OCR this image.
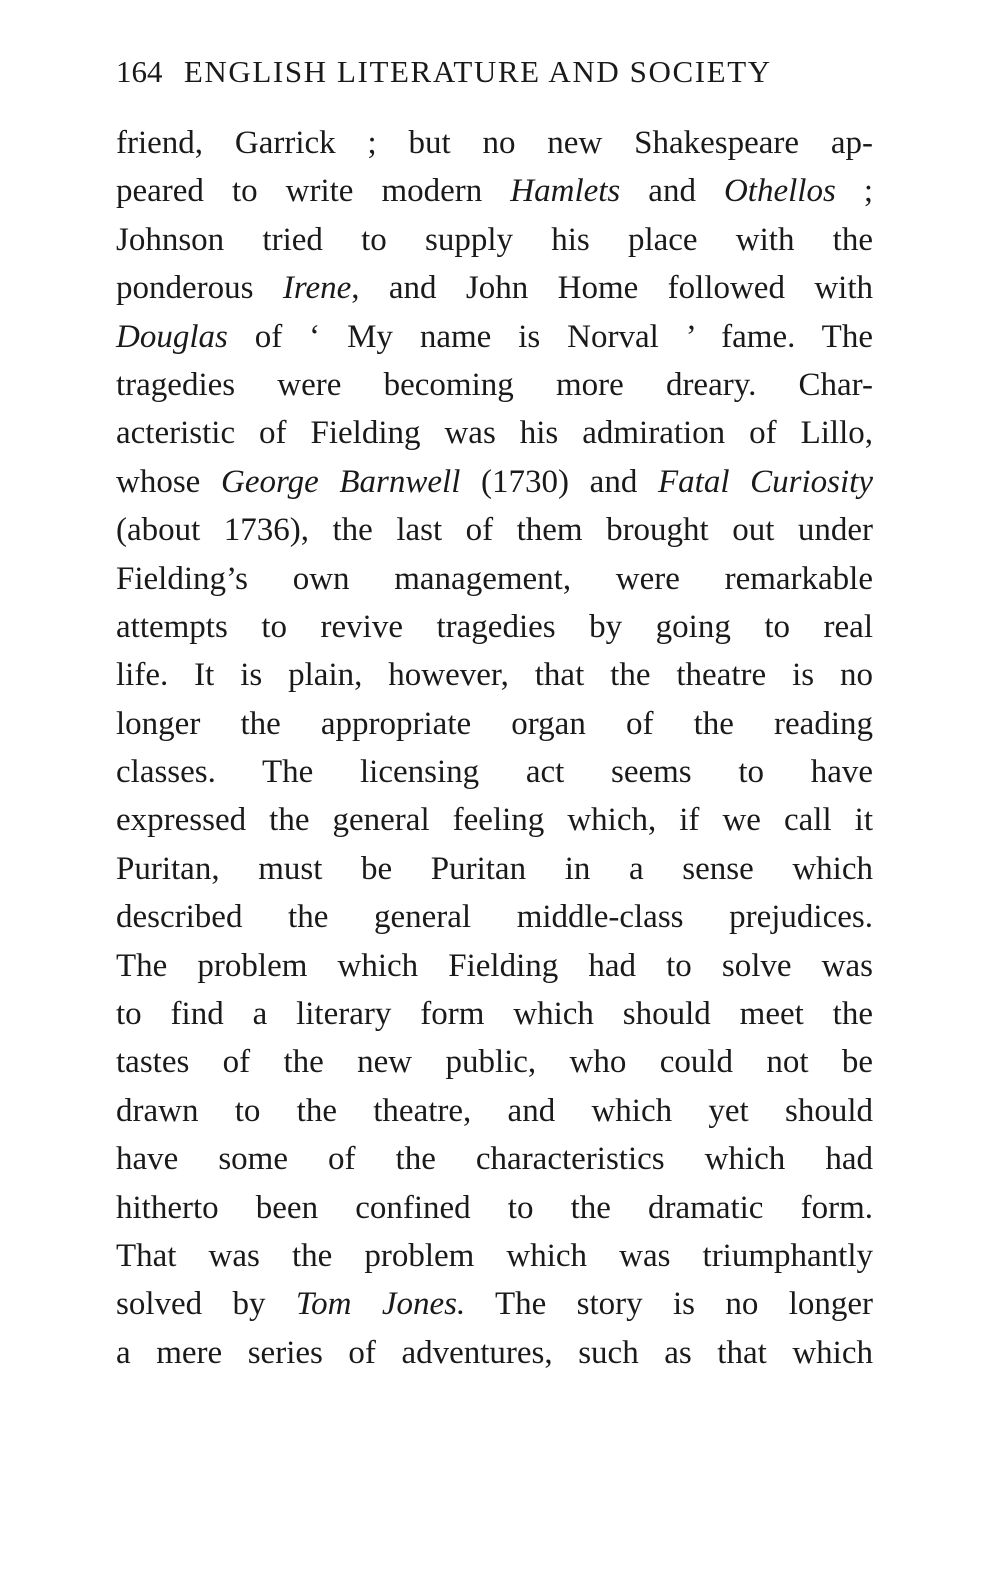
164 ENGLISH LITERATURE AND SOCIETY
friend, Garrick ; but no new Shakespeare ap-
peared to write modern Hamlets and Othellos ;
Johnson tried to supply his place with the
ponderous Irene, and John Home followed with
Douglas of ‘ My name is Norval ’ fame. The
tragedies were becoming more dreary. Char-
acteristic of Fielding was his admiration of Lillo,
whose George Barnwell (1730) and Fatal Curiosity
(about 1736), the last of them brought out under
Fielding’s own management, were remarkable
attempts to revive tragedies by going to real
life. It is plain, however, that the theatre is no
longer the appropriate organ of the reading
classes. The licensing act seems to have
expressed the general feeling which, if we call it
Puritan, must be Puritan in a sense which
described the general middle-class prejudices.
The problem which Fielding had to solve was
to find a literary form which should meet the
tastes of the new public, who could not be
drawn to the theatre, and which yet should
have some of the characteristics which had
hitherto been confined to the dramatic form.
That was the problem which was triumphantly
solved by Tom Jones. The story is no longer
a mere series of adventures, such as that which
